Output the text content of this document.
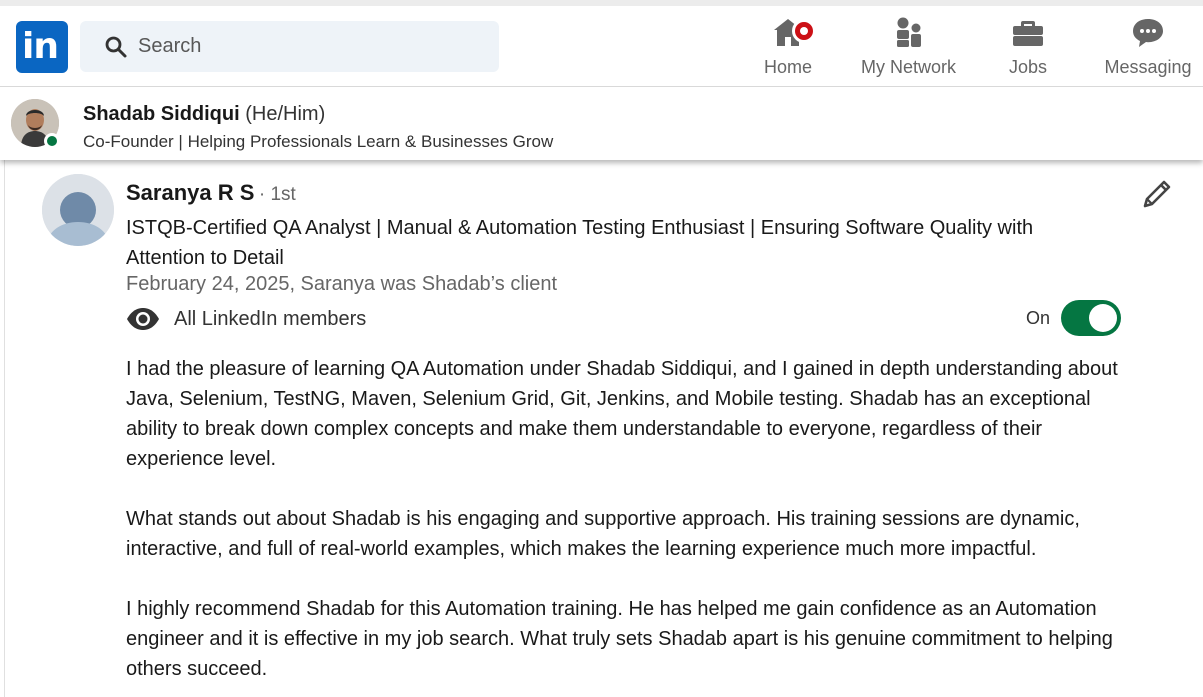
in
Search	Home	My Network	Jobs	Messaging
Shadab Siddiqui (He/Him)
Co-Founder | Helping Professionals Learn & Businesses Grow
Saranya R S · 1st
ISTQB-Certified QA Analyst | Manual & Automation Testing Enthusiast | Ensuring Software Quality with Attention to Detail
February 24, 2025, Saranya was Shadab’s client
All LinkedIn members	On

I had the pleasure of learning QA Automation under Shadab Siddiqui, and I gained in depth understanding about Java, Selenium, TestNG, Maven, Selenium Grid, Git, Jenkins, and Mobile testing. Shadab has an exceptional ability to break down complex concepts and make them understandable to everyone, regardless of their experience level.

What stands out about Shadab is his engaging and supportive approach. His training sessions are dynamic, interactive, and full of real-world examples, which makes the learning experience much more impactful.

I highly recommend Shadab for this Automation training. He has helped me gain confidence as an Automation engineer and it is effective in my job search. What truly sets Shadab apart is his genuine commitment to helping others succeed.
